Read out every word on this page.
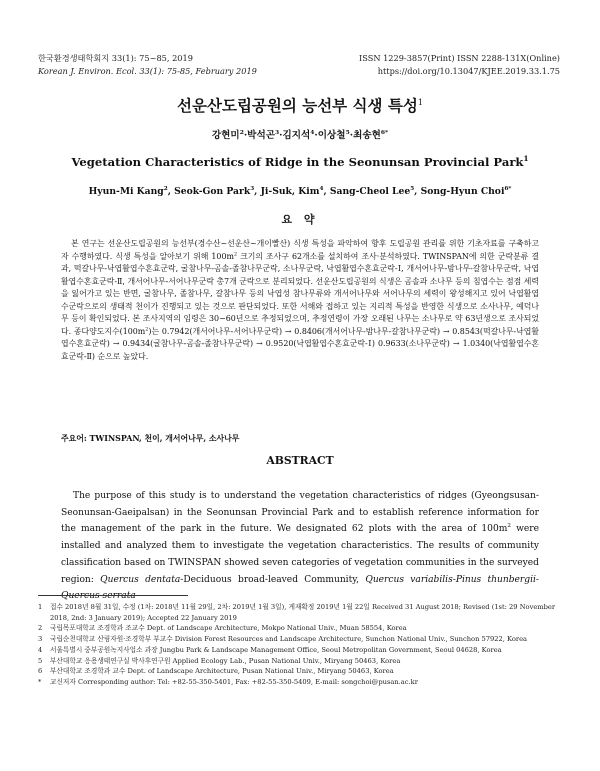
한국환경생태학회지 33(1): 75~85, 2019
Korean J. Environ. Ecol. 33(1): 75-85, February 2019
ISSN 1229-3857(Print) ISSN 2288-131X(Online)
https://doi.org/10.13047/KJEE.2019.33.1.75
선운산도립공원의 능선부 식생 특성$^1$
강현미$^2$·박석곤$^3$·김지석$^4$·이상철$^5$·최송현$^{6*}$
Vegetation Characteristics of Ridge in the Seonunsan Provincial Park$^1$
Hyun-Mi Kang$^2$, Seok-Gon Park$^3$, Ji-Suk, Kim$^4$, Sang-Cheol Lee$^5$, Song-Hyun Choi$^{6*}$
요 약

본 연구는 선운산도립공원의 능선부(경수산~선운산~개이빨산) 식생 특성을 파악하여 향후 도립공원 관리를 위한 기초자료를 구축하고자 수행하였다. 식생 특성을 알아보기 위해 $100m^2$ 크기의 조사구 62개소를 설치하여 조사·분석하였다. TWINSPAN에 의한 군락분류 결과, 떡갈나무-낙엽활엽수혼효군락, 굴참나무-곰솔-졸참나무군락, 소나무군락, 낙엽활엽수혼효군락-Ⅰ, 개서어나무-밤나무-갈참나무군락, 낙엽활엽수혼효군락-Ⅱ, 개서어나무-서어나무군락 총7개 군락으로 분리되었다. 선운산도립공원의 식생은 곰솔과 소나무 등의 침엽수는 점점 세력을 잃어가고 있는 반면, 굴참나무, 졸참나무, 갈참나무 등의 낙엽성 참나무류와 개서어나무와 서어나무의 세력이 왕성해지고 있어 낙엽활엽수군락으로의 생태적 천이가 진행되고 있는 것으로 판단되었다. 또한 서해와 접하고 있는 지리적 특성을 반영한 식생으로 소사나무, 예덕나무 등이 확인되었다. 본 조사지역의 임령은 30~60년으로 추정되었으며, 추정연령이 가장 오래된 나무는 소나무로 약 63년생으로 조사되었다. 종다양도지수$(100m^2)$는 0.7942(개서어나무-서어나무군락) → 0.8406(개서어나무-밤나무-갈참나무군락) → 0.8543(떡갈나무-낙엽활엽수혼효군락) → 0.9434(굴참나무-곰솔-졸참나무군락) → 0.9520(낙엽활엽수혼효군락-Ⅰ) 0.9633(소나무군락) → 1.0340(낙엽활엽수혼효군락-Ⅱ) 순으로 높았다.

주요어: TWINSPAN, 천이, 개서어나무, 소사나무
ABSTRACT

The purpose of this study is to understand the vegetation characteristics of ridges (Gyeongsusan-Seonunsan-Gaeipalsan) in the Seonunsan Provincial Park and to establish reference information for the management of the park in the future. We designated 62 plots with the area of $100m^2$ were installed and analyzed them to investigate the vegetation characteristics. The results of community classification based on TWINSPAN showed seven categories of vegetation communities in the surveyed region: Quercus dentata-Deciduous broad-leaved Community, Quercus variabilis-Pinus thunbergii-Quercus serrata

1	접수 2018년 8월 31일, 수정 (1차: 2018년 11월 29일, 2차: 2019년 1월 3일), 게재확정 2019년 1월 22일 Received 31 August 2018; Revised (1st: 29 November 2018, 2nd: 3 January 2019); Accepted 22 January 2019
2	국립목포대학교 조경학과 조교수 Dept. of Landscape Architecture, Mokpo National Univ., Muan 58554, Korea
3	국립순천대학교 산림자원·조경학부 부교수 Division Forest Resources and Landscape Architecture, Sunchon National Univ., Sunchon 57922, Korea
4	서울특별시 중부공원녹지사업소 과장 Jungbu Park & Landscape Management Office, Seoul Metropolitan Government, Seoul 04628, Korea
5	부산대학교 응용생태연구실 박사후연구원 Applied Ecology Lab., Pusan National Univ., Miryang 50463, Korea
6	부산대학교 조경학과 교수 Dept. of Landscape Architecture, Pusan National Univ., Miryang 50463, Korea
*	교신저자 Corresponding author: Tel: +82-55-350-5401, Fax: +82-55-350-5409, E-mail: songchoi@pusan.ac.kr
